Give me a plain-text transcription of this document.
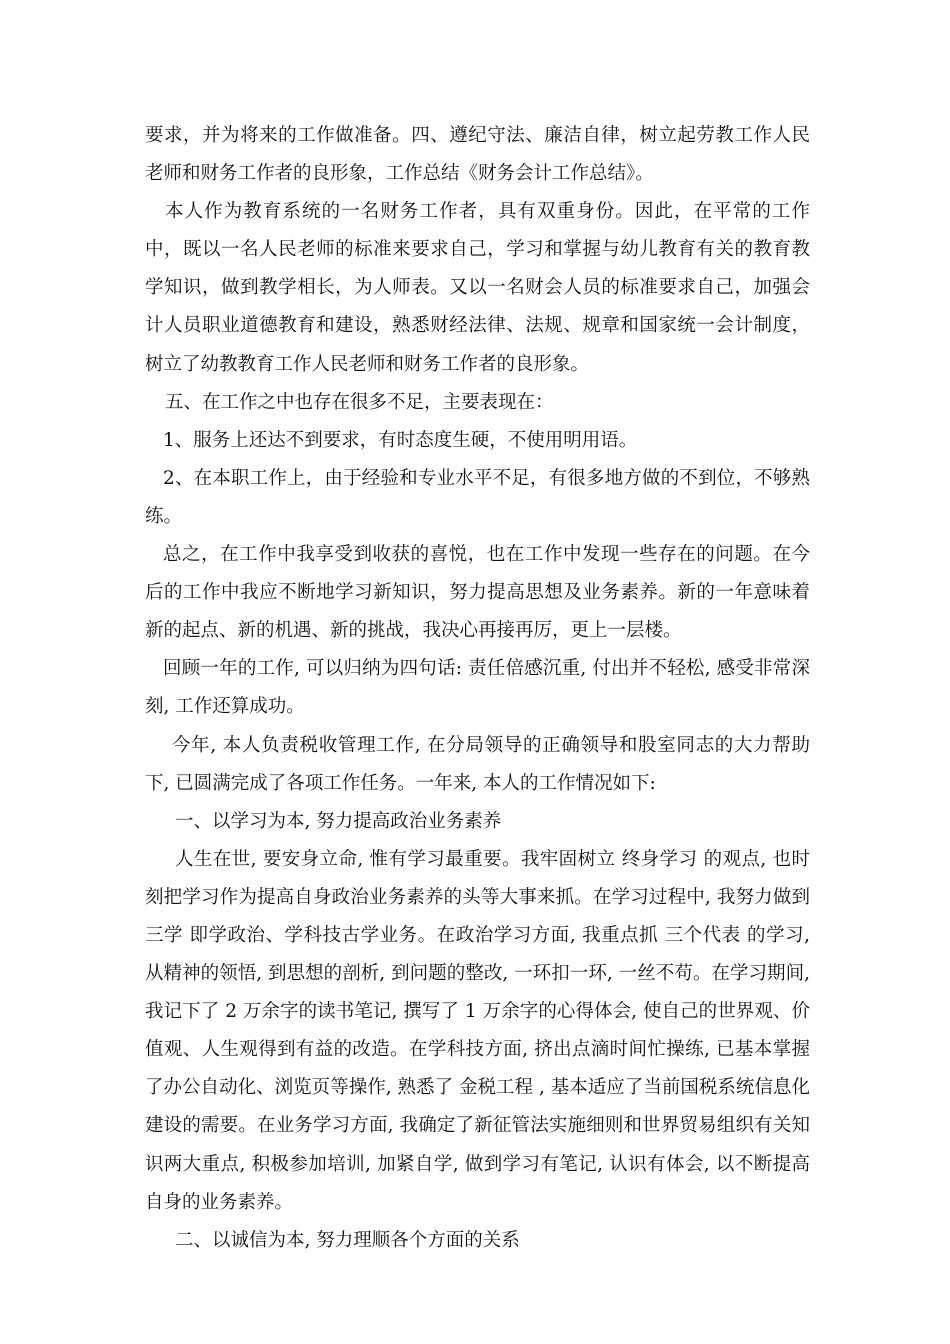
要求，并为将来的工作做准备。四、遵纪守法、廉洁自律，树立起劳教工作人民老师和财务工作者的良形象，工作总结《财务会计工作总结》。

本人作为教育系统的一名财务工作者，具有双重身份。因此，在平常的工作中，既以一名人民老师的标准来要求自己，学习和掌握与幼儿教育有关的教育教学知识，做到教学相长，为人师表。又以一名财会人员的标准要求自己，加强会计人员职业道德教育和建设，熟悉财经法律、法规、规章和国家统一会计制度，树立了幼教教育工作人民老师和财务工作者的良形象。

五、在工作之中也存在很多不足，主要表现在：

1、服务上还达不到要求，有时态度生硬，不使用明用语。

2、在本职工作上，由于经验和专业水平不足，有很多地方做的不到位，不够熟练。

总之，在工作中我享受到收获的喜悦，也在工作中发现一些存在的问题。在今后的工作中我应不断地学习新知识，努力提高思想及业务素养。新的一年意味着新的起点、新的机遇、新的挑战，我决心再接再厉，更上一层楼。

回顾一年的工作, 可以归纳为四句话: 责任倍感沉重, 付出并不轻松, 感受非常深刻, 工作还算成功。

今年, 本人负责税收管理工作, 在分局领导的正确领导和股室同志的大力帮助下, 已圆满完成了各项工作任务。一年来, 本人的工作情况如下:

一、以学习为本, 努力提高政治业务素养

人生在世, 要安身立命, 惟有学习最重要。我牢固树立 终身学习 的观点, 也时刻把学习作为提高自身政治业务素养的头等大事来抓。在学习过程中, 我努力做到 三学 即学政治、学科技古学业务。在政治学习方面, 我重点抓 三个代表 的学习, 从精神的领悟, 到思想的剖析, 到问题的整改, 一环扣一环, 一丝不苟。在学习期间, 我记下了 2 万余字的读书笔记, 撰写了 1 万余字的心得体会, 使自己的世界观、价值观、人生观得到有益的改造。在学科技方面, 挤出点滴时间忙操练, 已基本掌握了办公自动化、浏览页等操作, 熟悉了 金税工程 , 基本适应了当前国税系统信息化建设的需要。在业务学习方面, 我确定了新征管法实施细则和世界贸易组织有关知识两大重点, 积极参加培训, 加紧自学, 做到学习有笔记, 认识有体会, 以不断提高自身的业务素养。

二、以诚信为本, 努力理顺各个方面的关系
